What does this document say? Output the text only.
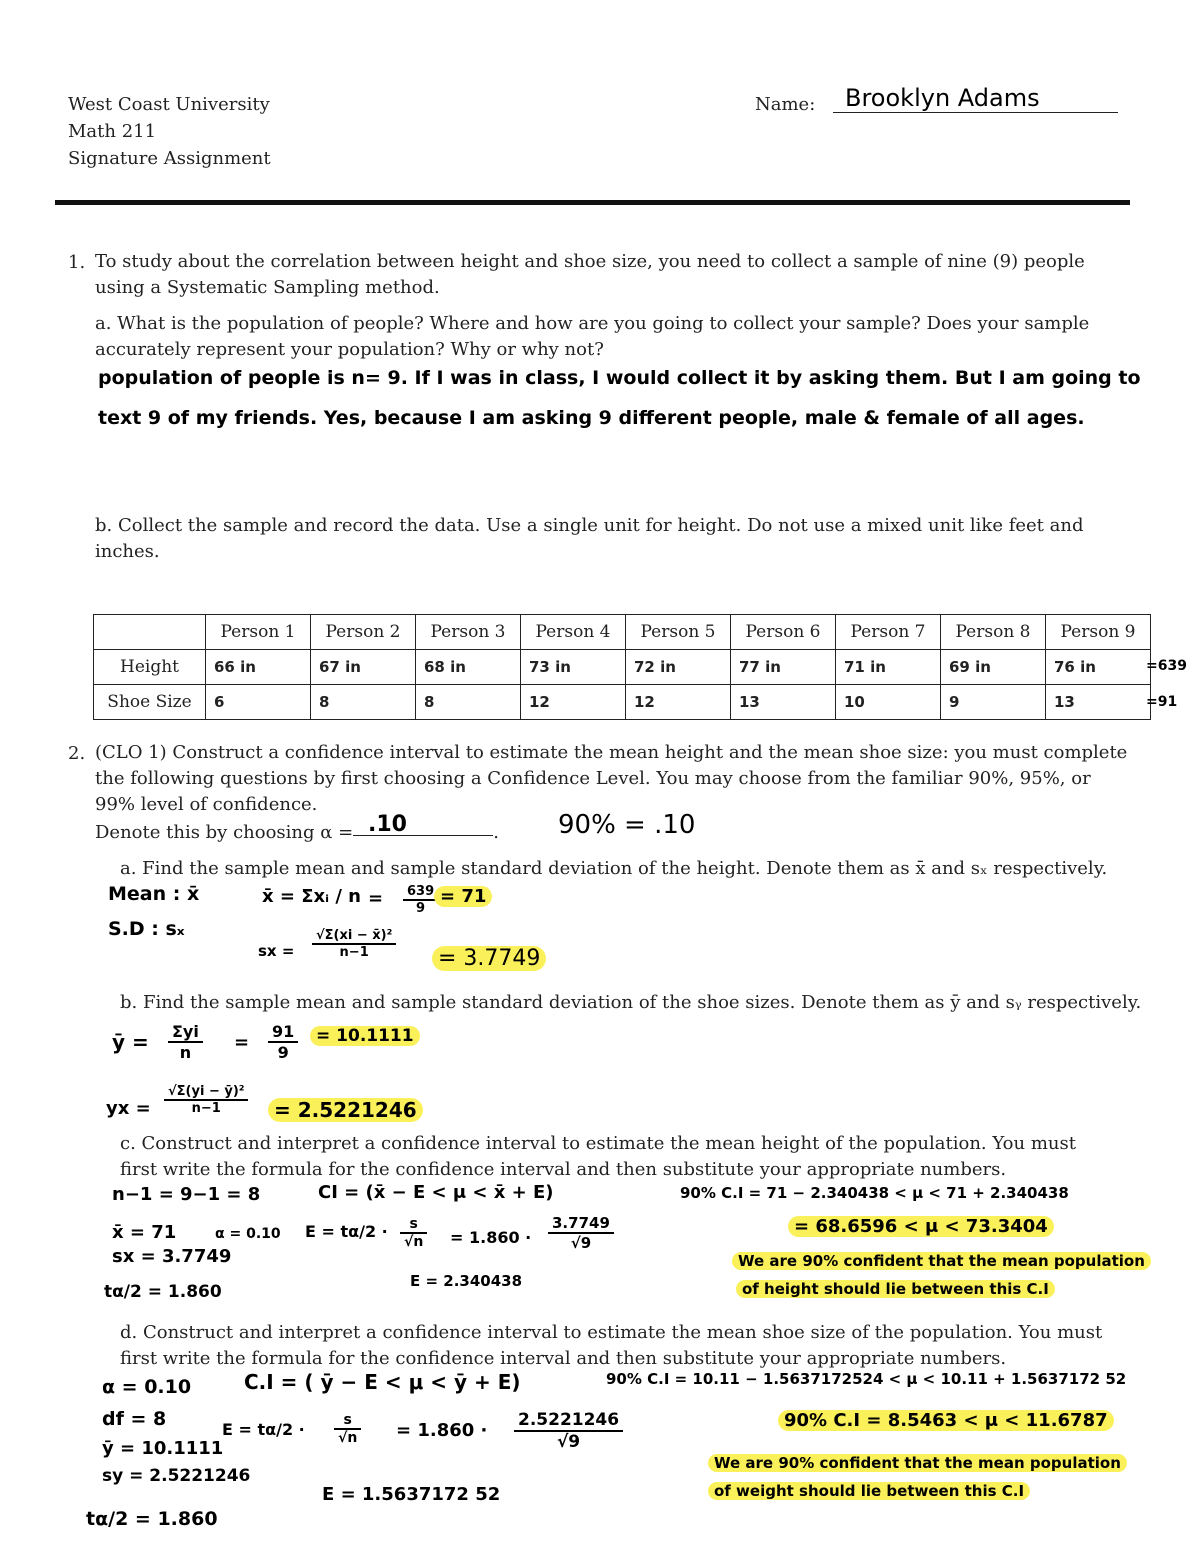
West Coast University
Math 211
Signature Assignment
Name: Brooklyn Adams
1. To study about the correlation between height and shoe size, you need to collect a sample of nine (9) people
using a Systematic Sampling method.
a. What is the population of people? Where and how are you going to collect your sample? Does your sample
accurately represent your population? Why or why not?
population of people is n= 9. If I was in class, I would collect it by asking them. But I am going to
text 9 of my friends. Yes, because I am asking 9 different people, male & female of all ages.
b. Collect the sample and record the data. Use a single unit for height. Do not use a mixed unit like feet and
inches.
	Person 1	Person 2	Person 3	Person 4	Person 5	Person 6	Person 7	Person 8	Person 9
Height	66 in	67 in	68 in	73 in	72 in	77 in	71 in	69 in	76 in
Shoe Size	6	8	8	12	12	13	10	9	13
=639
=91
2. (CLO 1) Construct a confidence interval to estimate the mean height and the mean shoe size: you must complete
the following questions by first choosing a Confidence Level. You may choose from the familiar 90%, 95%, or
99% level of confidence.
Denote this by choosing α =	.
.10	90% = .10
a. Find the sample mean and sample standard deviation of the height. Denote them as x̄ and sₓ respectively.
Mean : x̄
S.D : sₓ
x̄ = Σxᵢ / $n = \frac{639}{9} = 71$
sx = $\frac{\text{√Σ(xi − x̄)²}}{n-1} = 3.7749$
b. Find the sample mean and sample standard deviation of the shoe sizes. Denote them as ȳ and sᵧ respectively.
ȳ = $\frac{\text{Σyi}}{n} = \frac{91}{9}$	= 10.1111
yx = $\frac{\text{√Σ(yi − ȳ)²}}{n-1}$	= 2.5221246
c. Construct and interpret a confidence interval to estimate the mean height of the population. You must
first write the formula for the confidence interval and then substitute your appropriate numbers.
n−1 = 9−1 = 8	CI = (x̄ − E < μ < x̄ + E)	90% C.I = 71 − 2.340438 < μ < 71 + 2.340438
x̄ = 71	α = 0.10 $E = t\alpha/2 \cdot \frac{s}{√n} = 1.860 \cdot \frac{3.7749}{√9}$	= 68.6596 < μ < 73.3404
sx = 3.7749	We are 90% confident that the mean population
E = 2.340438
tα/2 = 1.860	of height should lie between this C.I
d. Construct and interpret a confidence interval to estimate the mean shoe size of the population. You must
first write the formula for the confidence interval and then substitute your appropriate numbers.
α = 0.10	C.I = ( ȳ − E < μ < ȳ + E)	90% C.I = 10.11 − 1.5637172524 < μ < 10.11 + 1.5637172 52
df = 8	$E = t\alpha/2 \cdot \frac{s}{√n} = 1.860 \cdot \frac{2.5221246}{√9}$	90% C.I = 8.5463 < μ < 11.6787
ȳ = 10.1111
We are 90% confident that the mean population
sy = 2.5221246
of weight should lie between this C.I
E = 1.5637172 52
tα/2 = 1.860
